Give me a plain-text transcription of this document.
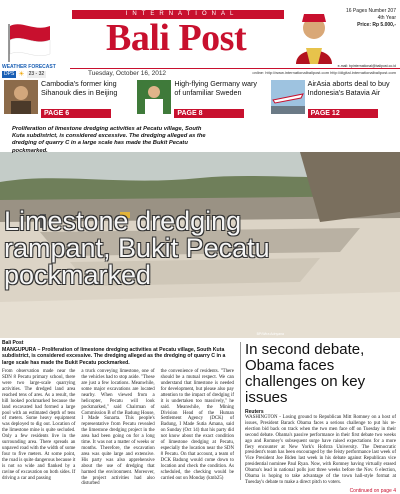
INTERNATIONAL
Bali Post
16 Pages Number 207
4th Year
Price: Rp 5.000,-
e-mail: bpinternational@balipost.co.id
WEATHER FORECAST
DPS ☀ 23 - 32	Tuesday, October 16, 2012	online: http://www.internationalbalipost.com http://digital.internationalbalipost.com
Cambodia's former king Sihanouk dies in Beijing
PAGE 6
High-flying Germany wary of unfamiliar Sweden
PAGE 8
AirAsia aborts deal to buy Indonesia's Batavia Air
PAGE 12
Proliferation of limestone dredging activities at Pecatu village, South Kuta subdistrict, is considered excessive. The dredging alleged as the dredging of quarry C in a large scale has made the Bukit Pecatu pockmarked.
Limestone dredging rampant, Bukit Pecatu pockmarked
BP/Wira Adnyana
Bali Post
MANGUPURA – Proliferation of limestone dredging activities at Pecatu village, South Kuta subdistrict, is considered excessive. The dredging alleged as the dredging of quarry C in a large scale has made the Bukit Pecatu pockmarked.
From observation made near the SDN 8 Pecatu primary school, there were two large-scale quarrying activities. The dredged land area reached tens of ares. As a result, the hill looked pockmarked because the land excavated had formed a large pool with an estimated depth of tens of meters. Some heavy equipment was deployed to dig out. Location of the limestone mine is quite secluded. Only a few residents live in the surrounding area. There spreads an unpaved road with the width of some four to five meters. At some point, the road is quite dangerous because it is not so wide and flanked by a ravine of excavation on both sides. If driving a car and passing
a truck conveying limestone, one of the vehicles had to stop aside. "These are just a few locations. Meanwhile, some major excavations are located nearby. When viewed from a helicopter, Pecatu will look pockmarked," said Chairman of Commission B of the Badung House, I Made Sunarta. This people's representative from Pecatu revealed the limestone dredging project in the area had been going on for a long time. It was not a matter of weeks or months. Therefore, the excavation area was quite large and extensive. His party was also apprehensive about the use of dredging that harmed the environment. Moreover, the project activities had also disturbed
the convenience of residents. "There should be a mutual respect. We can understand that limestone is needed for development, but please also pay attention to the impact of dredging if it is undertaken too massively," he said. Meanwhile, the Mining Division Head of the Human Settlement Agency (DCK) of Badung, I Made Sutia Amana, said on Sunday (Oct 14) that his party did not know about the exact condition of limestone dredging at Pecatu, especially the location near the SDN 8 Pecatu. On that account, a team of DCK Badung would come down to location and check the condition. As scheduled, the checking would be carried out on Monday (kmb25)
In second debate, Obama faces challenges on key issues
Reuters
WASHINGTON - Losing ground to Republican Mitt Romney on a host of issues, President Barack Obama faces a serious challenge to put his re-election bid back on track when the two men face off on Tuesday in their second debate. Obama's passive performance in their first debate two weeks ago and Romney's subsequent surge have raised expectations for a more fiery encounter at New York's Hofstra University. The Democratic president's team has been encouraged by the feisty performance last week of Vice President Joe Biden last week in his debate against Republican vice presidential nominee Paul Ryan. Now, with Romney having virtually erased Obama's lead in national polls just three weeks before the Nov. 6 election, Obama is hoping to take advantage of the town hall-style format at Tuesday's debate to make a direct pitch to voters.
Continued on page 4
